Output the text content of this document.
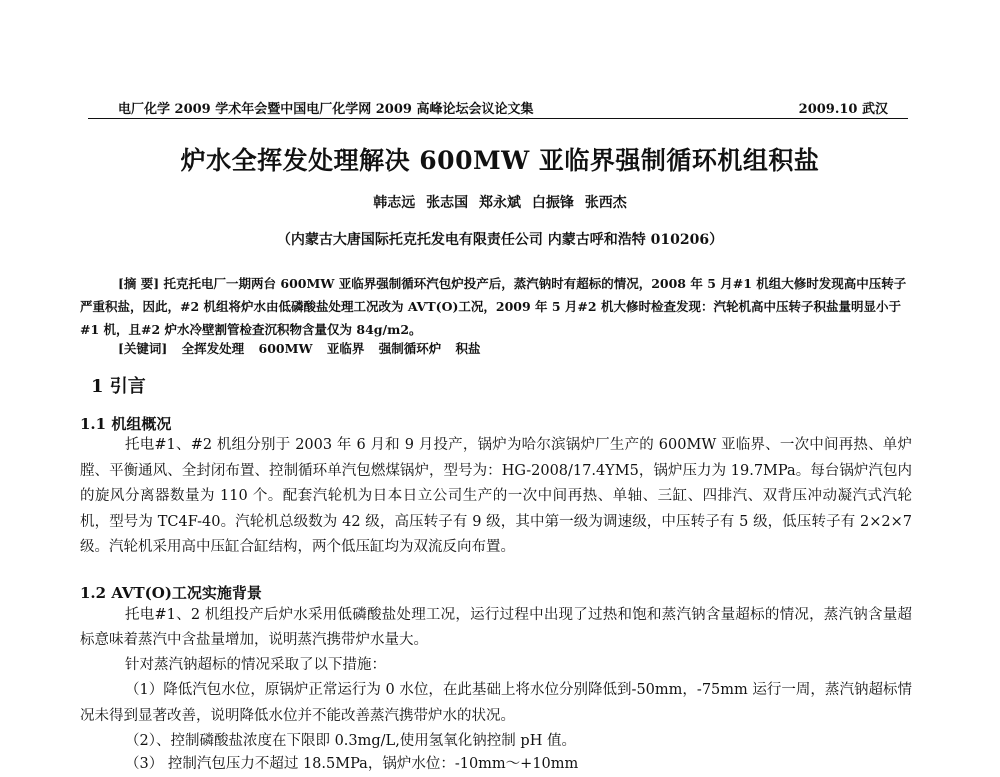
电厂化学 2009 学术年会暨中国电厂化学网 2009 高峰论坛会议论文集	2009.10 武汉
炉水全挥发处理解决 600MW 亚临界强制循环机组积盐
韩志远 张志国 郑永斌 白振锋 张西杰
（内蒙古大唐国际托克托发电有限责任公司 内蒙古呼和浩特 010206）

[摘 要] 托克托电厂一期两台 600MW 亚临界强制循环汽包炉投产后，蒸汽钠时有超标的情况，2008 年 5 月#1 机组大修时发现高中压转子严重积盐，因此，#2 机组将炉水由低磷酸盐处理工况改为 AVT(O)工况，2009 年 5 月#2 机大修时检查发现：汽轮机高中压转子积盐量明显小于#1 机，且#2 炉水冷壁割管检查沉积物含量仅为 84g/m2。

[关键词] 全挥发处理 600MW 亚临界 强制循环炉 积盐
1 引言
1.1 机组概况

托电#1、#2 机组分别于 2003 年 6 月和 9 月投产，锅炉为哈尔滨锅炉厂生产的 600MW 亚临界、一次中间再热、单炉膛、平衡通风、全封闭布置、控制循环单汽包燃煤锅炉，型号为：HG-2008/17.4YM5，锅炉压力为 19.7MPa。每台锅炉汽包内的旋风分离器数量为 110 个。配套汽轮机为日本日立公司生产的一次中间再热、单轴、三缸、四排汽、双背压冲动凝汽式汽轮机，型号为 TC4F-40。汽轮机总级数为 42 级，高压转子有 9 级，其中第一级为调速级，中压转子有 5 级，低压转子有 2×2×7 级。汽轮机采用高中压缸合缸结构，两个低压缸均为双流反向布置。

1.2 AVT(O)工况实施背景

托电#1、2 机组投产后炉水采用低磷酸盐处理工况，运行过程中出现了过热和饱和蒸汽钠含量超标的情况，蒸汽钠含量超标意味着蒸汽中含盐量增加，说明蒸汽携带炉水量大。

针对蒸汽钠超标的情况采取了以下措施：

（1）降低汽包水位，原锅炉正常运行为 0 水位，在此基础上将水位分别降低到-50mm，-75mm 运行一周，蒸汽钠超标情况未得到显著改善，说明降低水位并不能改善蒸汽携带炉水的状况。

（2）、控制磷酸盐浓度在下限即 0.3mg/L,使用氢氧化钠控制 pH 值。

（3） 控制汽包压力不超过 18.5MPa，锅炉水位：-10mm～+10mm
